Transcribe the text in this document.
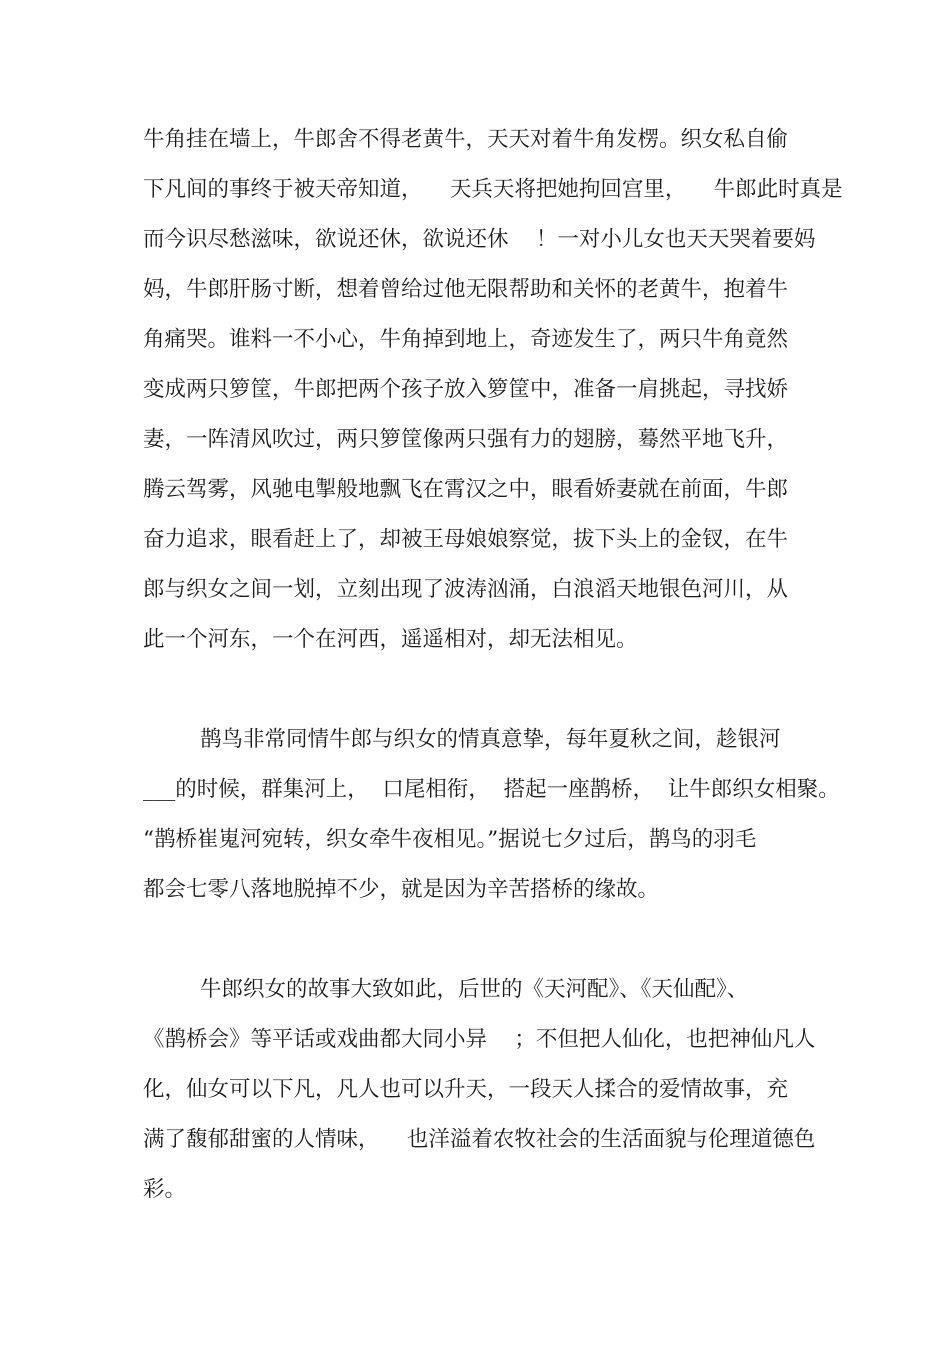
牛角挂在墙上，牛郎舍不得老黄牛，天天对着牛角发楞。织女私自偷
下凡间的事终于被天帝知道，    天兵天将把她拘回宫里，    牛郎此时真是
而今识尽愁滋味，欲说还休，欲说还休    ！一对小儿女也天天哭着要妈
妈，牛郎肝肠寸断，想着曾给过他无限帮助和关怀的老黄牛，抱着牛
角痛哭。谁料一不小心，牛角掉到地上，奇迹发生了，两只牛角竟然
变成两只箩筐，牛郎把两个孩子放入箩筐中，准备一肩挑起，寻找娇
妻，一阵清风吹过，两只箩筐像两只强有力的翅膀，蓦然平地飞升，
腾云驾雾，风驰电掣般地飘飞在霄汉之中，眼看娇妻就在前面，牛郎
奋力追求，眼看赶上了，却被王母娘娘察觉，拔下头上的金钗，在牛
郎与织女之间一划，立刻出现了波涛汹涌，白浪滔天地银色河川，从
此一个河东，一个在河西，遥遥相对，却无法相见。
鹊鸟非常同情牛郎与织女的情真意挚，每年夏秋之间，趁银河
___的时候，群集河上，  口尾相衔，  搭起一座鹊桥，  让牛郎织女相聚。
“鹊桥崔嵬河宛转，织女牵牛夜相见。”据说七夕过后，鹊鸟的羽毛
都会七零八落地脱掉不少，就是因为辛苦搭桥的缘故。
牛郎织女的故事大致如此，后世的《天河配》、《天仙配》、
《鹊桥会》等平话或戏曲都大同小异    ；不但把人仙化，也把神仙凡人
化，仙女可以下凡，凡人也可以升天，一段天人揉合的爱情故事，充
满了馥郁甜蜜的人情味，    也洋溢着农牧社会的生活面貌与伦理道德色
彩。
